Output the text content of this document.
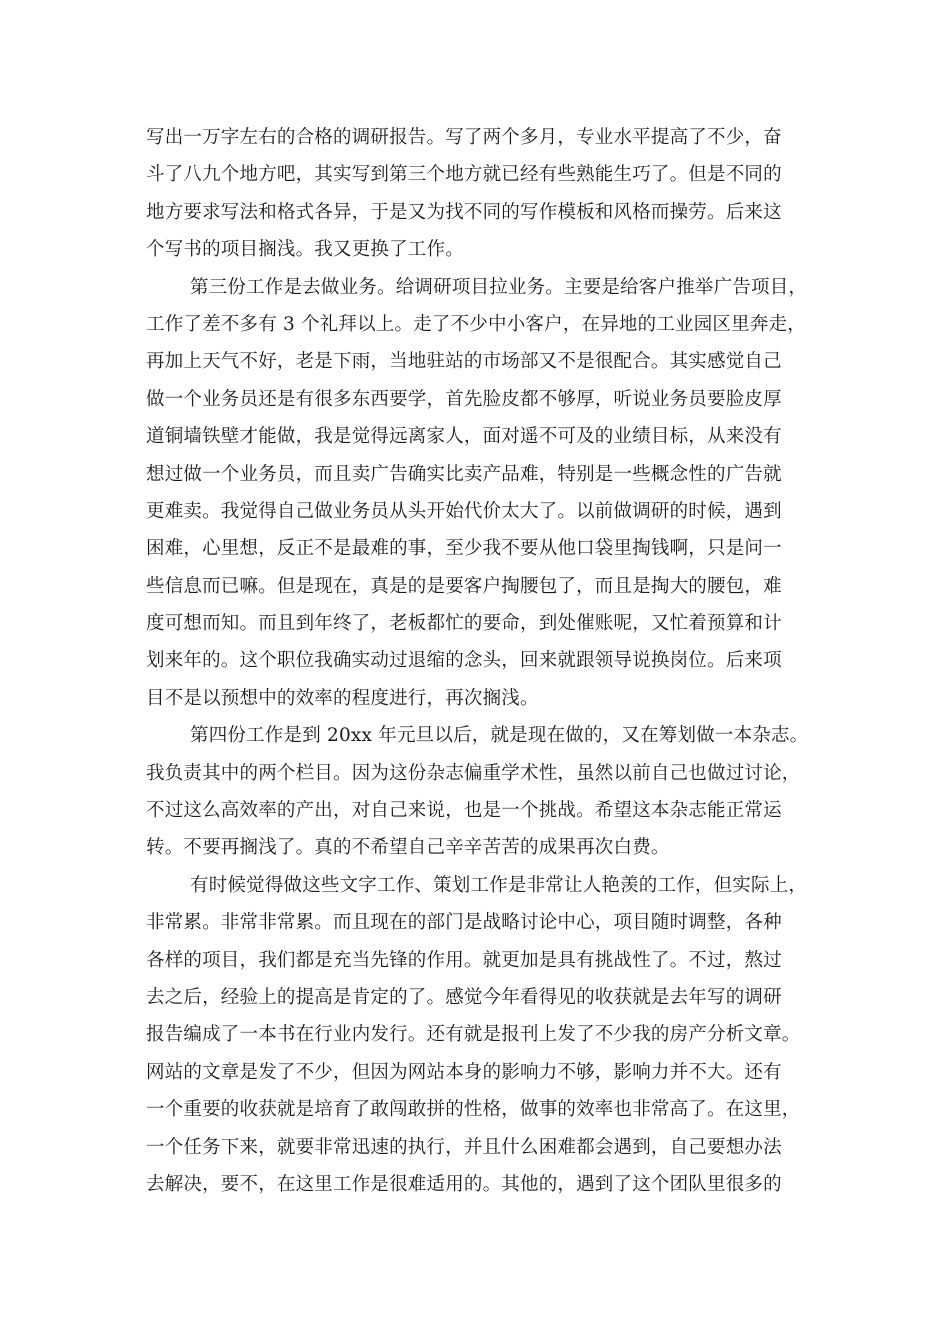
写出一万字左右的合格的调研报告。写了两个多月，专业水平提高了不少，奋
斗了八九个地方吧，其实写到第三个地方就已经有些熟能生巧了。但是不同的
地方要求写法和格式各异，于是又为找不同的写作模板和风格而操劳。后来这
个写书的项目搁浅。我又更换了工作。
第三份工作是去做业务。给调研项目拉业务。主要是给客户推举广告项目，
工作了差不多有 3 个礼拜以上。走了不少中小客户，在异地的工业园区里奔走，
再加上天气不好，老是下雨，当地驻站的市场部又不是很配合。其实感觉自己
做一个业务员还是有很多东西要学，首先脸皮都不够厚，听说业务员要脸皮厚
道铜墙铁壁才能做，我是觉得远离家人，面对遥不可及的业绩目标，从来没有
想过做一个业务员，而且卖广告确实比卖产品难，特别是一些概念性的广告就
更难卖。我觉得自己做业务员从头开始代价太大了。以前做调研的时候，遇到
困难，心里想，反正不是最难的事，至少我不要从他口袋里掏钱啊，只是问一
些信息而已嘛。但是现在，真是的是要客户掏腰包了，而且是掏大的腰包，难
度可想而知。而且到年终了，老板都忙的要命，到处催账呢，又忙着预算和计
划来年的。这个职位我确实动过退缩的念头，回来就跟领导说换岗位。后来项
目不是以预想中的效率的程度进行，再次搁浅。
第四份工作是到 20xx 年元旦以后，就是现在做的，又在筹划做一本杂志。
我负责其中的两个栏目。因为这份杂志偏重学术性，虽然以前自己也做过讨论，
不过这么高效率的产出，对自己来说，也是一个挑战。希望这本杂志能正常运
转。不要再搁浅了。真的不希望自己辛辛苦苦的成果再次白费。
有时候觉得做这些文字工作、策划工作是非常让人艳羡的工作，但实际上，
非常累。非常非常累。而且现在的部门是战略讨论中心，项目随时调整，各种
各样的项目，我们都是充当先锋的作用。就更加是具有挑战性了。不过，熬过
去之后，经验上的提高是肯定的了。感觉今年看得见的收获就是去年写的调研
报告编成了一本书在行业内发行。还有就是报刊上发了不少我的房产分析文章。
网站的文章是发了不少，但因为网站本身的影响力不够，影响力并不大。还有
一个重要的收获就是培育了敢闯敢拼的性格，做事的效率也非常高了。在这里，
一个任务下来，就要非常迅速的执行，并且什么困难都会遇到，自己要想办法
去解决，要不，在这里工作是很难适用的。其他的，遇到了这个团队里很多的
